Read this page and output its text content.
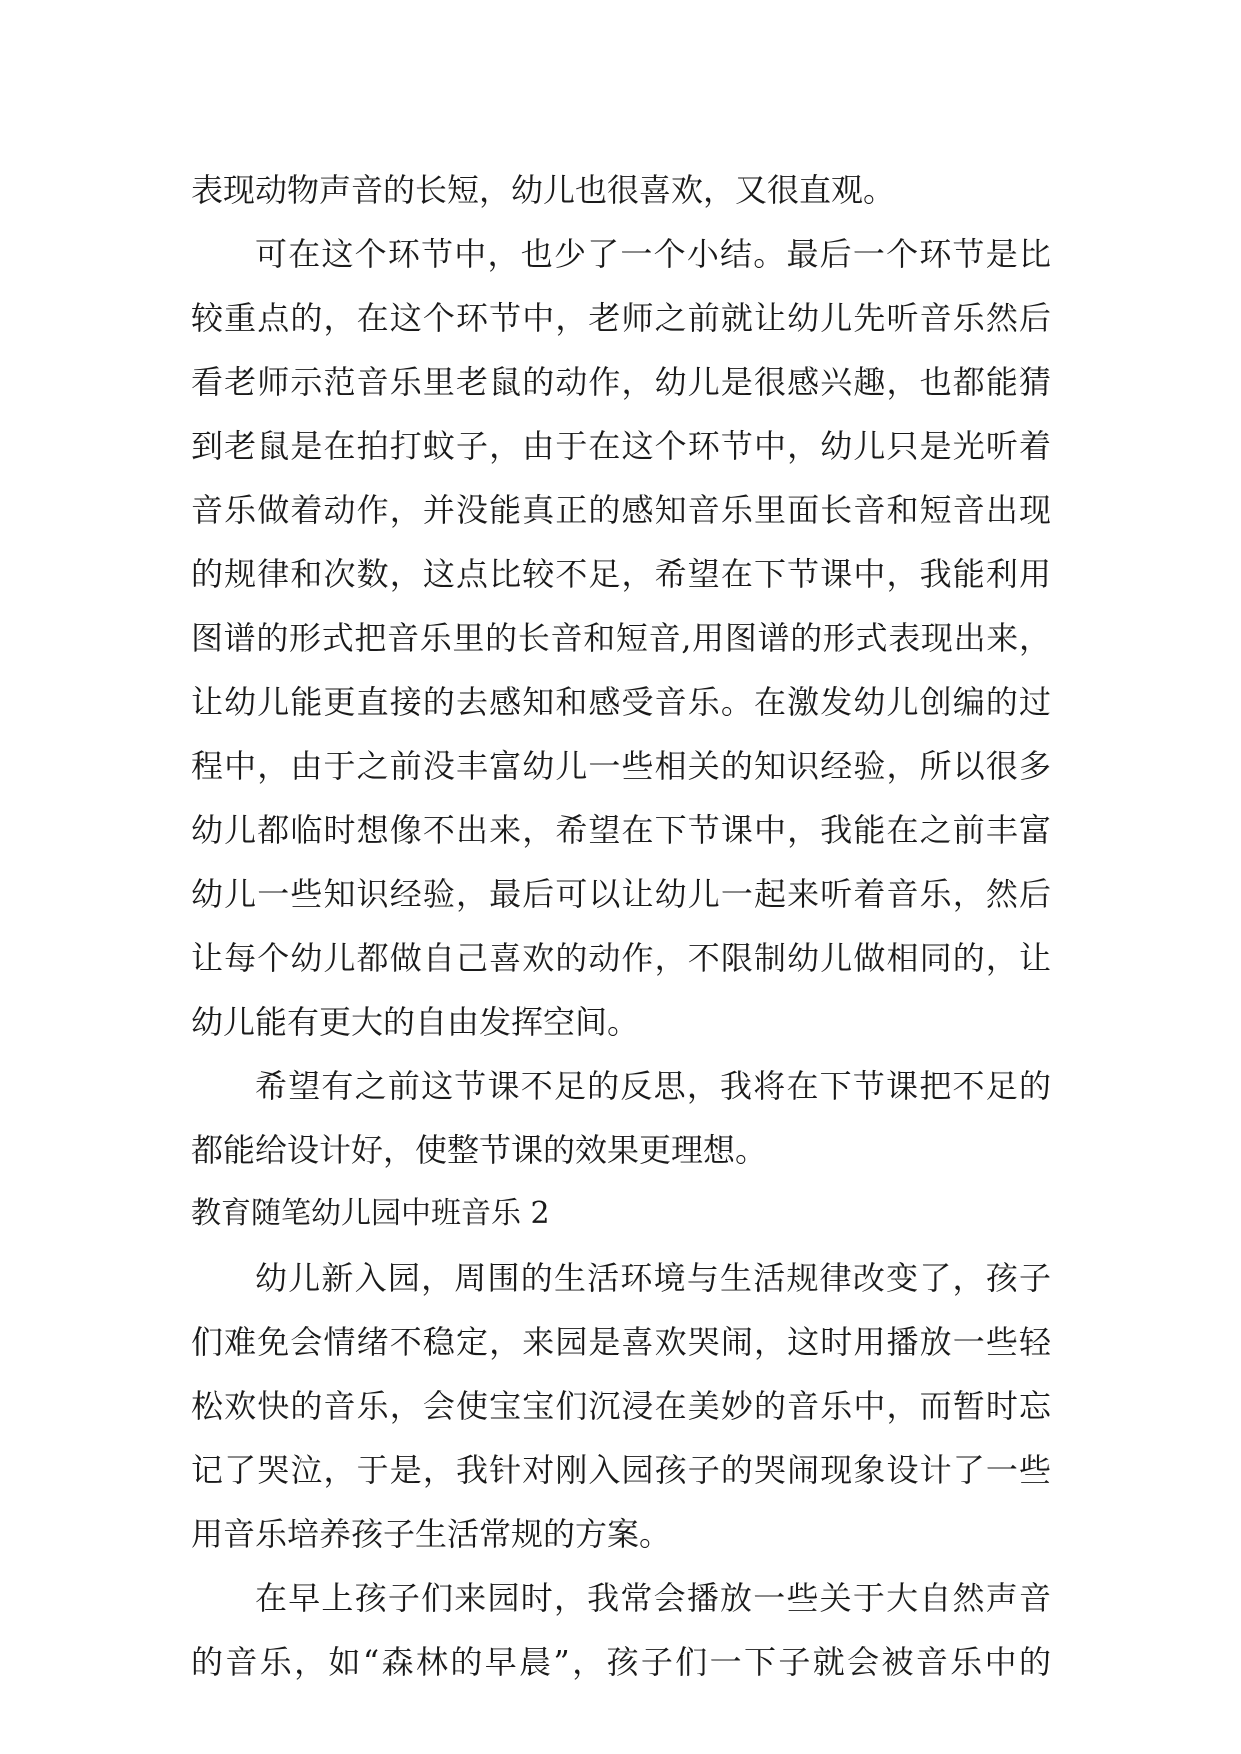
表现动物声音的长短，幼儿也很喜欢，又很直观。
可在这个环节中，也少了一个小结。最后一个环节是比
较重点的，在这个环节中，老师之前就让幼儿先听音乐然后
看老师示范音乐里老鼠的动作，幼儿是很感兴趣，也都能猜
到老鼠是在拍打蚊子，由于在这个环节中，幼儿只是光听着
音乐做着动作，并没能真正的感知音乐里面长音和短音出现
的规律和次数，这点比较不足，希望在下节课中，我能利用
图谱的形式把音乐里的长音和短音,用图谱的形式表现出来，
让幼儿能更直接的去感知和感受音乐。在激发幼儿创编的过
程中，由于之前没丰富幼儿一些相关的知识经验，所以很多
幼儿都临时想像不出来，希望在下节课中，我能在之前丰富
幼儿一些知识经验，最后可以让幼儿一起来听着音乐，然后
让每个幼儿都做自己喜欢的动作，不限制幼儿做相同的，让
幼儿能有更大的自由发挥空间。
希望有之前这节课不足的反思，我将在下节课把不足的
都能给设计好，使整节课的效果更理想。
教育随笔幼儿园中班音乐 2
幼儿新入园，周围的生活环境与生活规律改变了，孩子
们难免会情绪不稳定，来园是喜欢哭闹，这时用播放一些轻
松欢快的音乐，会使宝宝们沉浸在美妙的音乐中，而暂时忘
记了哭泣，于是，我针对刚入园孩子的哭闹现象设计了一些
用音乐培养孩子生活常规的方案。
在早上孩子们来园时，我常会播放一些关于大自然声音
的音乐，如“森林的早晨”，孩子们一下子就会被音乐中的
